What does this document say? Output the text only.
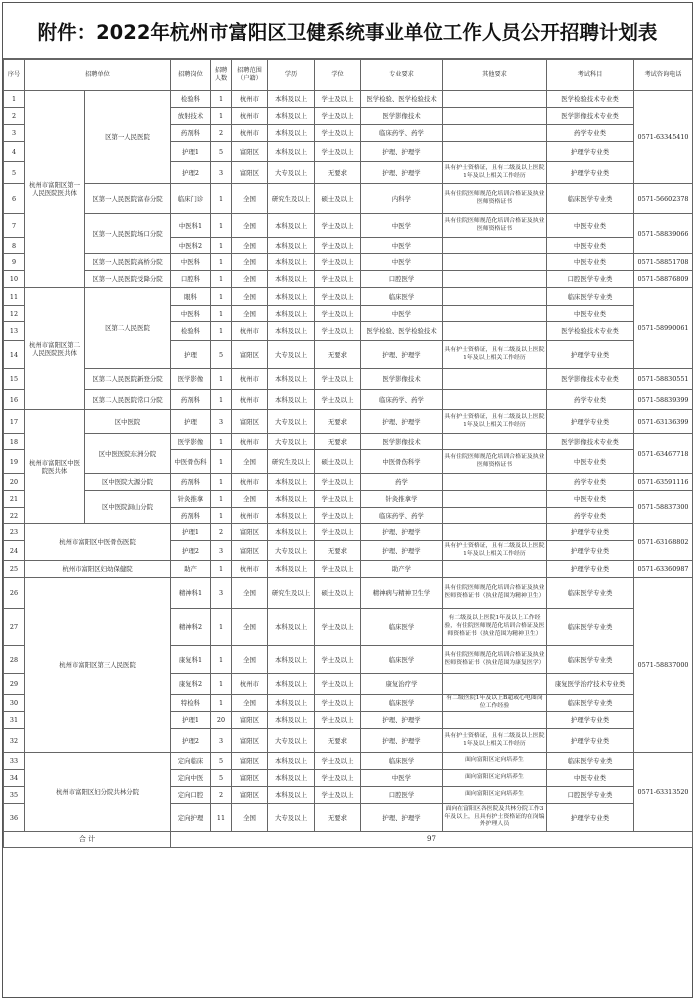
附件：2022年杭州市富阳区卫健系统事业单位工作人员公开招聘计划表
序号	招聘单位		招聘岗位	招聘人数	招聘范围（户籍）	学历	学位	专业要求	其他要求	考试科目	考试咨询电话
1	杭州市富阳区第一人民医院医共体	区第一人民医院	检验科	1	杭州市	本科及以上	学士及以上	医学检验、医学检验技术		医学检验技术专业类	0571-63345410
2			放射技术	1	杭州市	本科及以上	学士及以上	医学影像技术		医学影像技术专业类	
3			药剂科	2	杭州市	本科及以上	学士及以上	临床药学、药学		药学专业类	
4			护理1	5	富阳区	本科及以上	学士及以上	护理、护理学		护理学专业类	
5			护理2	3	富阳区	大专及以上	无要求	护理、护理学	具有护士资格证，且有二级及以上医院1年及以上相关工作经历	护理学专业类	
6		区第一人民医院富春分院	临床门诊	1	全国	研究生及以上	硕士及以上	内科学	具有住院医师规范化培训合格证及执业医师资格证书	临床医学专业类	0571-56602378
7		区第一人民医院场口分院	中医科1	1	全国	本科及以上	学士及以上	中医学	具有住院医师规范化培训合格证及执业医师资格证书	中医专业类	0571-58839066
8			中医科2	1	全国	本科及以上	学士及以上	中医学		中医专业类	
9		区第一人民医院高桥分院	中医科	1	全国	本科及以上	学士及以上	中医学		中医专业类	0571-58851708
10		区第一人民医院受降分院	口腔科	1	全国	本科及以上	学士及以上	口腔医学		口腔医学专业类	0571-58876809
11	杭州市富阳区第二人民医院医共体	区第二人民医院	眼科	1	全国	本科及以上	学士及以上	临床医学		临床医学专业类	0571-58990061
12			中医科	1	全国	本科及以上	学士及以上	中医学		中医专业类	
13			检验科	1	杭州市	本科及以上	学士及以上	医学检验、医学检验技术		医学检验技术专业类	
14			护理	5	富阳区	大专及以上	无要求	护理、护理学	具有护士资格证，且有二级及以上医院1年及以上相关工作经历	护理学专业类	
15		区第二人民医院新登分院	医学影像	1	杭州市	本科及以上	学士及以上	医学影像技术		医学影像技术专业类	0571-58830551
16		区第二人民医院常口分院	药剂科	1	杭州市	本科及以上	学士及以上	临床药学、药学		药学专业类	0571-58839399
17	杭州市富阳区中医院医共体	区中医院	护理	3	富阳区	大专及以上	无要求	护理、护理学	具有护士资格证，且有二级及以上医院1年及以上相关工作经历	护理学专业类	0571-63136399
18		区中医医院东洲分院	医学影像	1	杭州市	大专及以上	无要求	医学影像技术		医学影像技术专业类	0571-63467718
19			中医骨伤科	1	全国	研究生及以上	硕士及以上	中医骨伤科学	具有住院医师规范化培训合格证及执业医师资格证书	中医专业类	
20		区中医院大源分院	药剂科	1	杭州市	本科及以上	学士及以上	药学		药学专业类	0571-63591116
21		区中医院洞山分院	针灸推拿	1	全国	本科及以上	学士及以上	针灸推拿学		中医专业类	0571-58837300
22			药剂科	1	杭州市	本科及以上	学士及以上	临床药学、药学		药学专业类	
23	杭州市富阳区中医骨伤医院		护理1	2	富阳区	本科及以上	学士及以上	护理、护理学		护理学专业类	0571-63168802
24			护理2	3	富阳区	大专及以上	无要求	护理、护理学	具有护士资格证，且有二级及以上医院1年及以上相关工作经历	护理学专业类	
25	杭州市富阳区妇幼保健院		助产	1	杭州市	本科及以上	学士及以上	助产学		护理学专业类	0571-63360987
26	杭州市富阳区第三人民医院		精神科1	3	全国	研究生及以上	硕士及以上	精神病与精神卫生学	具有住院医师规范化培训合格证及执业医师资格证书（执业范围为精神卫生）	临床医学专业类	0571-58837000
27			精神科2	1	全国	本科及以上	学士及以上	临床医学	有二级及以上医院1年及以上工作经验，有住院医师规范化培训合格证及医师资格证书（执业范围为精神卫生）	临床医学专业类	
28			康复科1	1	全国	本科及以上	学士及以上	临床医学	具有住院医师规范化培训合格证及执业医师资格证书（执业范围为康复医学）	临床医学专业类	
29			康复科2	1	杭州市	本科及以上	学士及以上	康复治疗学		康复医学治疗技术专业类	
30			特检科	1	全国	本科及以上	学士及以上	临床医学	有二级医院1年及以上B超或心电图岗位工作经验	临床医学专业类	
31			护理1	20	富阳区	本科及以上	学士及以上	护理、护理学		护理学专业类	
32			护理2	3	富阳区	大专及以上	无要求	护理、护理学	具有护士资格证，且有二级及以上医院1年及以上相关工作经历	护理学专业类	
33	杭州市富阳区妇分院共林分院		定向临床	5	富阳区	本科及以上	学士及以上	临床医学	面向富阳区定向培养生	临床医学专业类	0571-63313520
34			定向中医	5	富阳区	本科及以上	学士及以上	中医学	面向富阳区定向培养生	中医专业类	
35			定向口腔	2	富阳区	本科及以上	学士及以上	口腔医学	面向富阳区定向培养生	口腔医学专业类	
36			定向护理	11	全国	大专及以上	无要求	护理、护理学	面向在富阳区各医院及共林分院工作3年及以上，且具有护士资格证的在岗编外护理人员	护理学专业类	
合 计			97								
